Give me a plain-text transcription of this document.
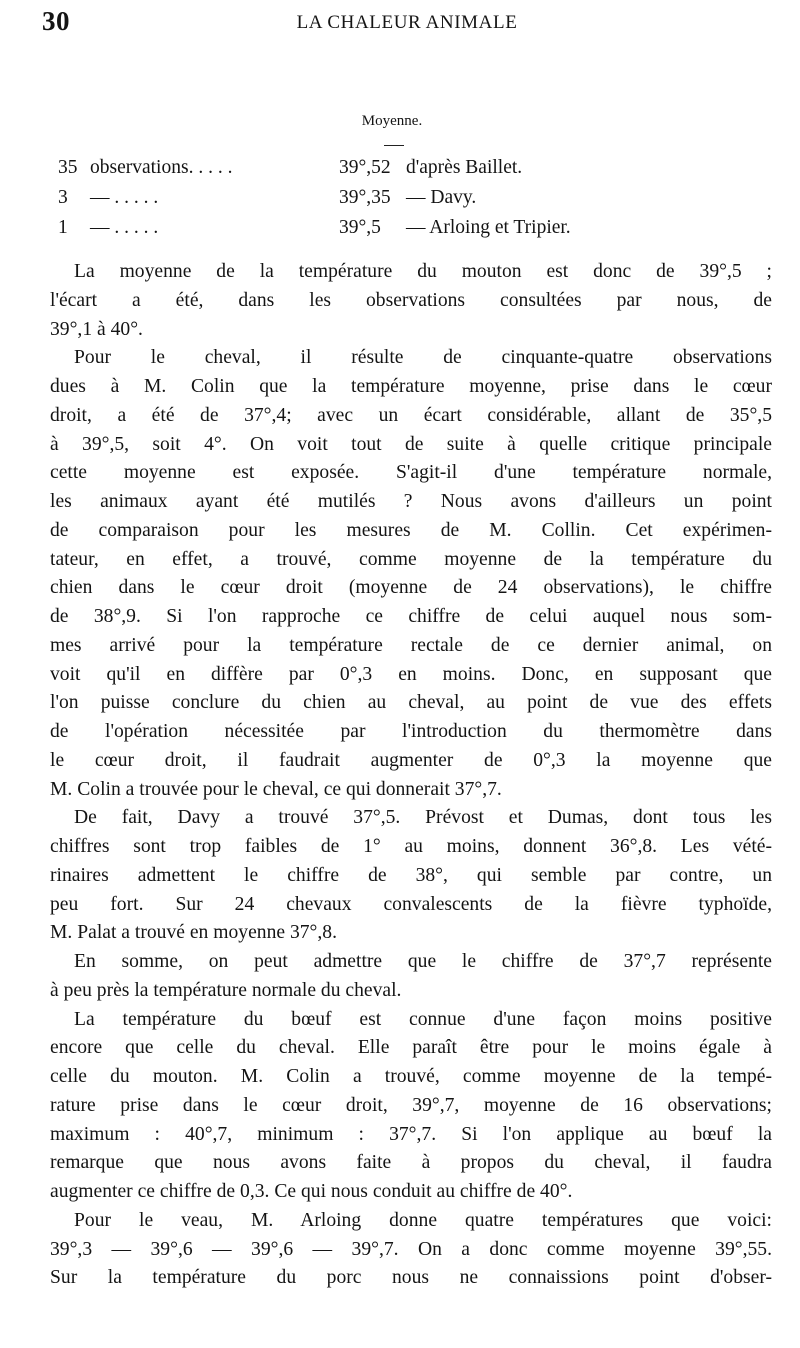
30	LA CHALEUR ANIMALE
Moyenne.
35 observations. . . . .	39°,52 d'après Baillet.
3	— . . . . .	39°,35 — Davy.
1	— . . . . .	39°,5 — Arloing et Tripier.

La moyenne de la température du mouton est donc de 39°,5 ;
l'écart a été, dans les observations consultées par nous, de
39°,1 à 40°.

Pour le cheval, il résulte de cinquante-quatre observations
dues à M. Colin que la température moyenne, prise dans le cœur
droit, a été de 37°,4; avec un écart considérable, allant de 35°,5
à 39°,5, soit 4°. On voit tout de suite à quelle critique principale
cette moyenne est exposée. S'agit-il d'une température normale,
les animaux ayant été mutilés ? Nous avons d'ailleurs un point
de comparaison pour les mesures de M. Collin. Cet expérimen-
tateur, en effet, a trouvé, comme moyenne de la température du
chien dans le cœur droit (moyenne de 24 observations), le chiffre
de 38°,9. Si l'on rapproche ce chiffre de celui auquel nous som-
mes arrivé pour la température rectale de ce dernier animal, on
voit qu'il en diffère par 0°,3 en moins. Donc, en supposant que
l'on puisse conclure du chien au cheval, au point de vue des effets
de l'opération nécessitée par l'introduction du thermomètre dans
le cœur droit, il faudrait augmenter de 0°,3 la moyenne que
M. Colin a trouvée pour le cheval, ce qui donnerait 37°,7.

De fait, Davy a trouvé 37°,5. Prévost et Dumas, dont tous les
chiffres sont trop faibles de 1° au moins, donnent 36°,8. Les vété-
rinaires admettent le chiffre de 38°, qui semble par contre, un
peu fort. Sur 24 chevaux convalescents de la fièvre typhoïde,
M. Palat a trouvé en moyenne 37°,8.

En somme, on peut admettre que le chiffre de 37°,7 représente
à peu près la température normale du cheval.

La température du bœuf est connue d'une façon moins positive
encore que celle du cheval. Elle paraît être pour le moins égale à
celle du mouton. M. Colin a trouvé, comme moyenne de la tempé-
rature prise dans le cœur droit, 39°,7, moyenne de 16 observations;
maximum : 40°,7, minimum : 37°,7. Si l'on applique au bœuf la
remarque que nous avons faite à propos du cheval, il faudra
augmenter ce chiffre de 0,3. Ce qui nous conduit au chiffre de 40°.

Pour le veau, M. Arloing donne quatre températures que voici:
39°,3 — 39°,6 — 39°,6 — 39°,7. On a donc comme moyenne 39°,55.
Sur la température du porc nous ne connaissions point d'obser-
